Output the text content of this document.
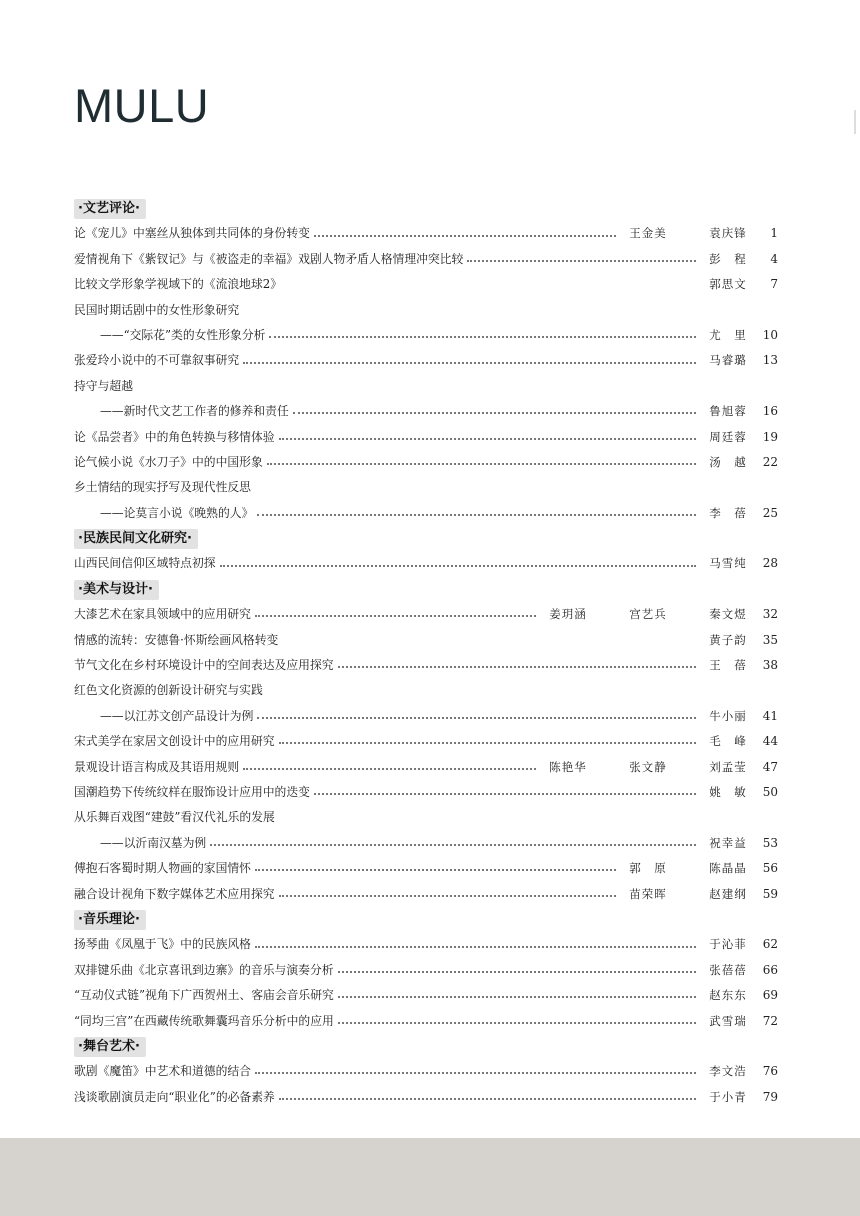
MULU
·文艺评论·
论《宠儿》中塞丝从独体到共同体的身份转变	王金美	袁庆锋	1
爱情视角下《紫钗记》与《被盗走的幸福》戏剧人物矛盾人格情理冲突比较	彭　程	4
比较文学形象学视域下的《流浪地球2》	郭思文	7
民国时期话剧中的女性形象研究
——“交际花”类的女性形象分析	尤　里	10
张爱玲小说中的不可靠叙事研究	马睿璐	13
持守与超越
——新时代文艺工作者的修养和责任	鲁旭蓉	16
论《品尝者》中的角色转换与移情体验	周廷蓉	19
论气候小说《水刀子》中的中国形象	汤　越	22
乡土情结的现实抒写及现代性反思
——论莫言小说《晚熟的人》	李　蓓	25
·民族民间文化研究·
山西民间信仰区域特点初探	马雪纯	28
·美术与设计·
大漆艺术在家具领域中的应用研究	姜玥涵	宫艺兵	秦文煜	32
情感的流转：安德鲁·怀斯绘画风格转变	黄子韵	35
节气文化在乡村环境设计中的空间表达及应用探究	王　蓓	38
红色文化资源的创新设计研究与实践
——以江苏文创产品设计为例	牛小丽	41
宋式美学在家居文创设计中的应用研究	毛　峰	44
景观设计语言构成及其语用规则	陈艳华	张文静	刘孟莹	47
国潮趋势下传统纹样在服饰设计应用中的迭变	姚　敏	50
从乐舞百戏图“建鼓”看汉代礼乐的发展
——以沂南汉墓为例	祝幸益	53
傅抱石客蜀时期人物画的家国情怀	郭　原	陈晶晶	56
融合设计视角下数字媒体艺术应用探究	苗荣晖	赵建纲	59
·音乐理论·
扬琴曲《凤凰于飞》中的民族风格	于沁菲	62
双排键乐曲《北京喜讯到边寨》的音乐与演奏分析	张蓓蓓	66
“互动仪式链”视角下广西贺州土、客庙会音乐研究	赵东东	69
“同均三宫”在西藏传统歌舞囊玛音乐分析中的应用	武雪瑞	72
·舞台艺术·
歌剧《魔笛》中艺术和道德的结合	李文浩	76
浅谈歌剧演员走向“职业化”的必备素养	于小青	79
